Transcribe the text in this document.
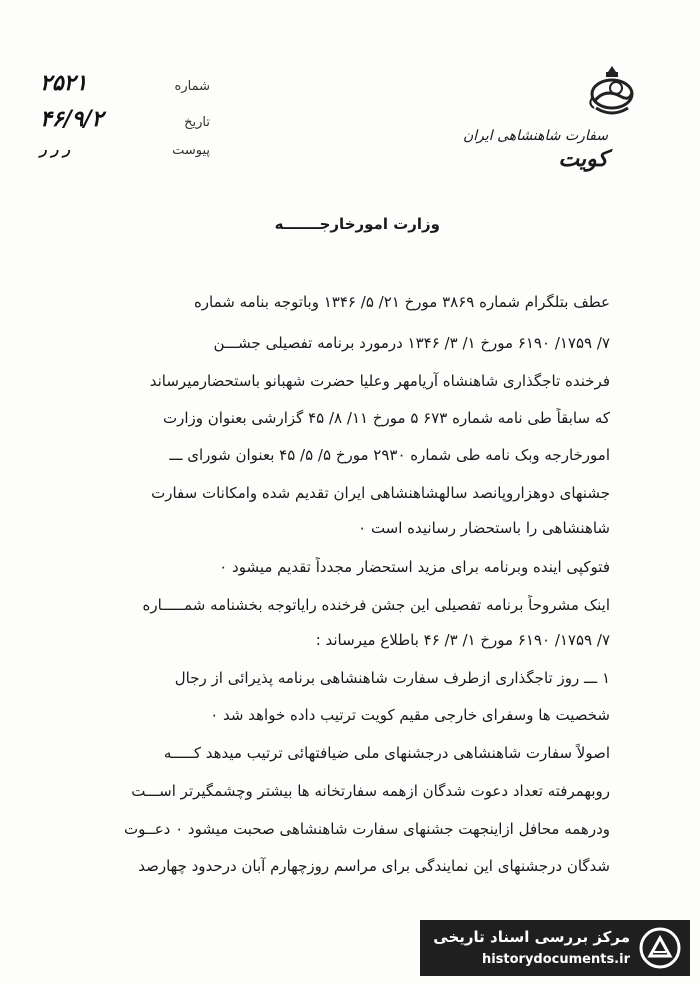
شماره
۲۵۲۱
تاریخ
۴۶/۹/۲
پیوست
ر ر ر
سفارت شاهنشاهی ایران
کویت
وزارت امورخارجـــــــه
عطف بتلگرام شماره ۳۸۶۹ مورخ ۲۱/ ۵/ ۱۳۴۶ وباتوجه بنامه شماره
۷/ ۱۷۵۹/ ۶۱۹۰ مورخ ۱/ ۳/ ۱۳۴۶ درمورد برنامه تفصیلی جشـــن
فرخنده تاجگذاری شاهنشاه آریامهر وعلیا حضرت شهبانو باستحضارمیرساند
که سابقاً طی نامه شماره ۶۷۳ ۵ مورخ ۱۱/ ۸/ ۴۵ گزارشی بعنوان وزارت
امورخارجه وبک نامه طی شماره ۲۹۳۰ مورخ ۵/ ۵/ ۴۵ بعنوان شورای ـــ
جشنهای دوهزاروپانصد سالهشاهنشاهی ایران تقدیم شده وامکانات سفارت
شاهنشاهی را باستحضار رسانیده است ۰
فتوکپی اینده وبرنامه برای مزید استحضار مجدداً تقدیم میشود ۰
اینک مشروحاً برنامه تفصیلی این جشن فرخنده رایاتوجه بخشنامه شمـــــاره
۷/ ۱۷۵۹/ ۶۱۹۰ مورخ ۱/ ۳/ ۴۶ باطلاع میرساند :
۱ ـــ روز تاجگذاری ازطرف سفارت شاهنشاهی برنامه پذیرائی از رجال
شخصیت ها وسفرای خارجی مقیم کویت ترتیب داده خواهد شد ۰
اصولاً سفارت شاهنشاهی درجشنهای ملی ضیافتهائی ترتیب میدهد کـــــه
روبهمرفته تعداد دعوت شدگان ازهمه سفارتخانه ها بیشتر وچشمگیرتر اســـت
ودرهمه محافل ازاینجهت جشنهای سفارت شاهنشاهی صحبت میشود ۰ دعــوت
شدگان درجشنهای این نمایندگی برای مراسم روزچهارم آبان درحدود چهارصد
مرکز بررسی اسناد تاریخی
historydocuments.ir
